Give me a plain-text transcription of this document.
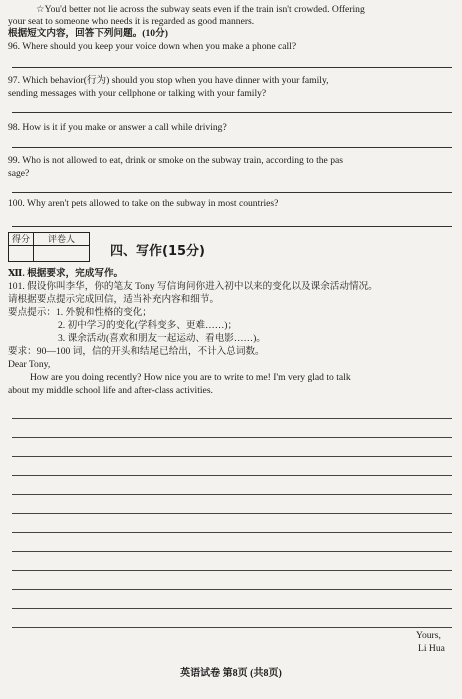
☆You'd better not lie across the subway seats even if the train isn't crowded. Offering
your seat to someone who needs it is regarded as good manners.
根据短文内容，回答下列问题。(10分)
96. Where should you keep your voice down when you make a phone call?
97. Which behavior(行为) should you stop when you have dinner with your family,
sending messages with your cellphone or talking with your family?
98. How is it if you make or answer a call while driving?
99. Who is not allowed to eat, drink or smoke on the subway train, according to the pas
sage?
100. Why aren't pets allowed to take on the subway in most countries?
得分	评卷人
四、写作(15分)
Ⅻ. 根据要求，完成写作。
101. 假设你叫李华，你的笔友 Tony 写信询问你进入初中以来的变化以及课余活动情况。
请根据要点提示完成回信，适当补充内容和细节。
要点提示：1. 外貌和性格的变化；
2. 初中学习的变化(学科变多、更难……)；
3. 课余活动(喜欢和朋友一起运动、看电影……)。
要求：90—100 词，信的开头和结尾已给出，不计入总词数。
Dear Tony,
How are you doing recently? How nice you are to write to me! I'm very glad to talk
about my middle school life and after-class activities.
Yours,
Li Hua
英语试卷 第8页 (共8页)
